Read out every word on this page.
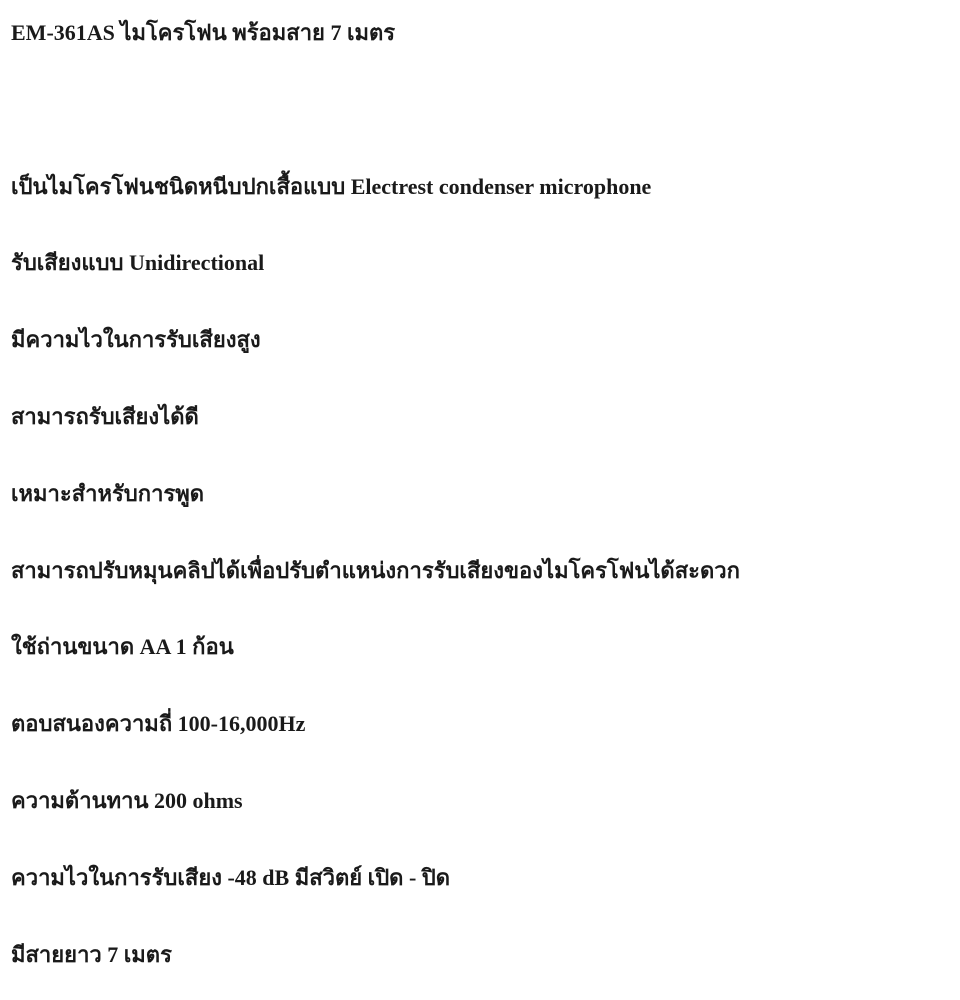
EM-361AS ไมโครโฟน พร้อมสาย 7 เมตร

เป็นไมโครโฟนชนิดหนีบปกเสื้อแบบ Electrest condenser microphone

รับเสียงแบบ Unidirectional

มีความไวในการรับเสียงสูง

สามารถรับเสียงได้ดี

เหมาะสำหรับการพูด

สามารถปรับหมุนคลิปได้เพื่อปรับตำแหน่งการรับเสียงของไมโครโฟนได้สะดวก

ใช้ถ่านขนาด AA 1 ก้อน

ตอบสนองความถี่ 100-16,000Hz

ความต้านทาน 200 ohms

ความไวในการรับเสียง -48 dB มีสวิตย์ เปิด - ปิด

มีสายยาว 7 เมตร
